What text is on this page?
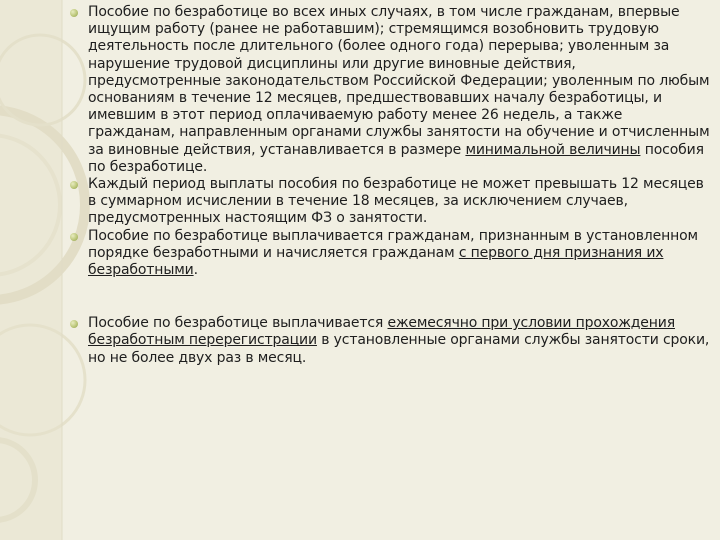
Пособие по безработице во всех иных случаях, в том числе гражданам, впервые ищущим работу (ранее не работавшим); стремящимся возобновить трудовую деятельность после длительного (более одного года) перерыва; уволенным за нарушение трудовой дисциплины или другие виновные действия, предусмотренные законодательством Российской Федерации; уволенным по любым основаниям в течение 12 месяцев, предшествовавших началу безработицы, и имевшим в этот период оплачиваемую работу менее 26 недель, а также гражданам, направленным органами службы занятости на обучение и отчисленным за виновные действия, устанавливается в размере минимальной величины пособия по безработице.
Каждый период выплаты пособия по безработице не может превышать 12 месяцев в суммарном исчислении в течение 18 месяцев, за исключением случаев, предусмотренных настоящим ФЗ о занятости.
Пособие по безработице выплачивается гражданам, признанным в установленном порядке безработными и начисляется гражданам с первого дня признания их безработными.
Пособие по безработице выплачивается ежемесячно при условии прохождения безработным перерегистрации в установленные органами службы занятости сроки, но не более двух раз в месяц.
